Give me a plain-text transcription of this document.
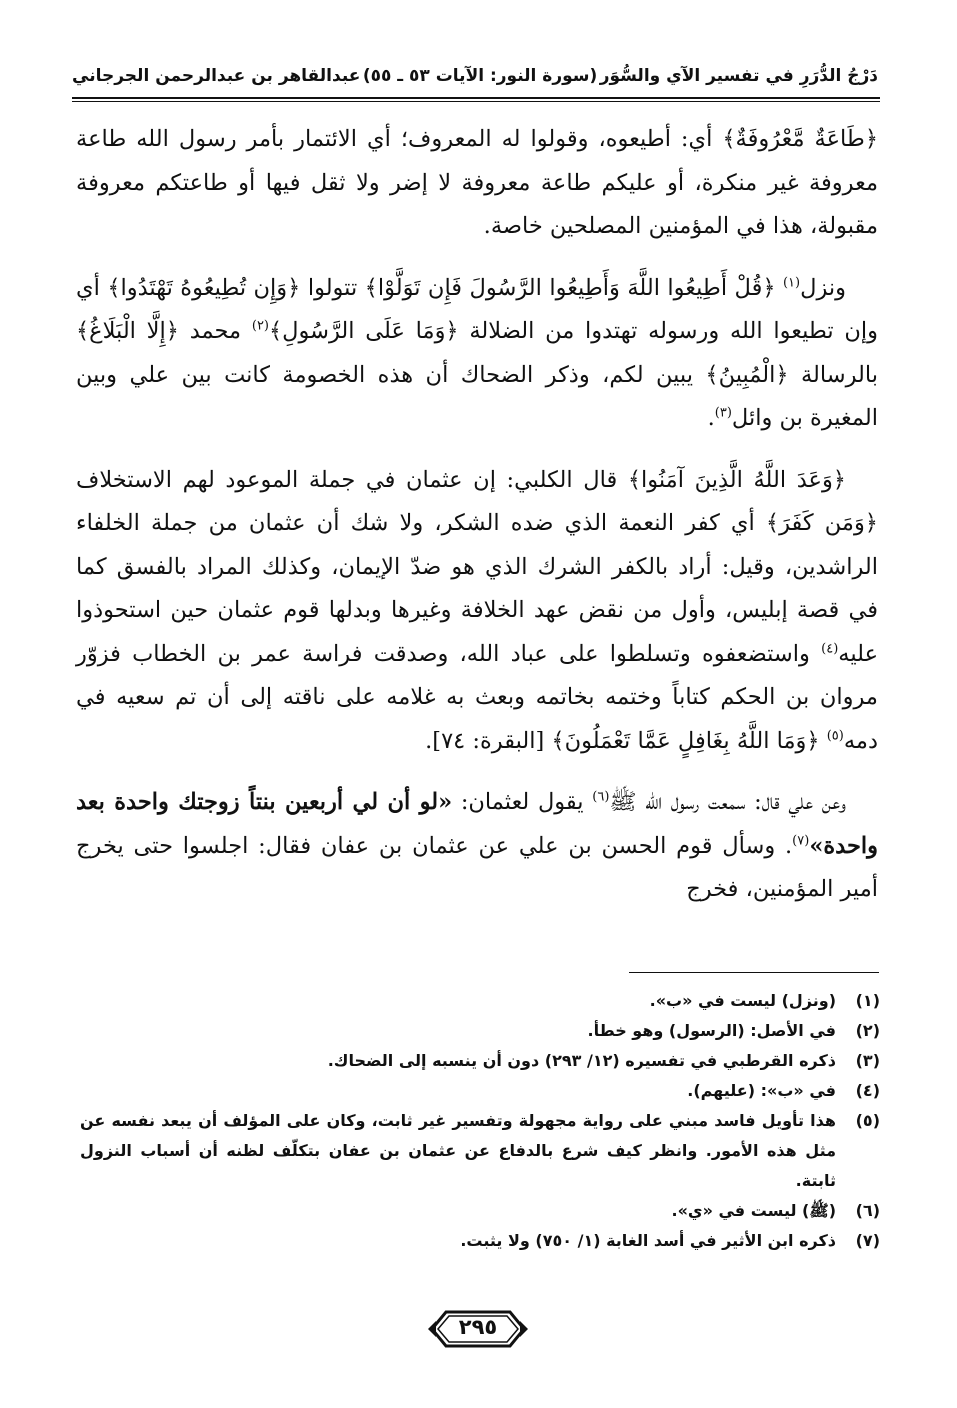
دَرْجُ الدُّرَرِ في تفسير الآي والسُّوَر
(سورة النور: الآيات ٥٣ ـ ٥٥)
عبدالقاهر بن عبدالرحمن الجرجاني

﴿طَاعَةٌ مَّعْرُوفَةٌ﴾ أي: أطيعوه، وقولوا له المعروف؛ أي الائتمار بأمر رسول الله طاعة معروفة غير منكرة، أو عليكم طاعة معروفة لا إضر ولا ثقل فيها أو طاعتكم معروفة مقبولة، هذا في المؤمنين المصلحين خاصة.

ونزل$^{(١)}$ ﴿قُلْ أَطِيعُوا اللَّهَ وَأَطِيعُوا الرَّسُولَ فَإِن تَوَلَّوْا﴾ تتولوا ﴿وَإِن تُطِيعُوهُ تَهْتَدُوا﴾ أي وإن تطيعوا الله ورسوله تهتدوا من الضلالة ﴿وَمَا عَلَى الرَّسُولِ﴾$^{(٢)}$ محمد ﴿إِلَّا الْبَلَاغُ﴾ بالرسالة ﴿الْمُبِينُ﴾ يبين لكم، وذكر الضحاك أن هذه الخصومة كانت بين علي وبين المغيرة بن وائل$^{(٣)}$.

﴿وَعَدَ اللَّهُ الَّذِينَ آمَنُوا﴾ قال الكلبي: إن عثمان في جملة الموعود لهم الاستخلاف ﴿وَمَن كَفَرَ﴾ أي كفر النعمة الذي ضده الشكر، ولا شك أن عثمان من جملة الخلفاء الراشدين، وقيل: أراد بالكفر الشرك الذي هو ضدّ الإيمان، وكذلك المراد بالفسق كما في قصة إبليس، وأول من نقض عهد الخلافة وغيرها وبدلها قوم عثمان حين استحوذوا عليه$^{(٤)}$ واستضعفوه وتسلطوا على عباد الله، وصدقت فراسة عمر بن الخطاب فزوّر مروان بن الحكم كتاباً وختمه بخاتمه وبعث به غلامه على ناقته إلى أن تم سعيه في دمه$^{(٥)}$ ﴿وَمَا اللَّهُ بِغَافِلٍ عَمَّا تَعْمَلُونَ﴾ [البقرة: ٧٤].

وعن علي قال: سمعت رسول الله ﷺ$^{(٦)}$ يقول لعثمان: «لو أن لي أربعين بنتاً زوجتك واحدة بعد واحدة»$^{(٧)}$. وسأل قوم الحسن بن علي عن عثمان بن عفان فقال: اجلسوا حتى يخرج أمير المؤمنين، فخرج

(١)
(ونزل) ليست في «ب».
(٢)
في الأصل: (الرسول) وهو خطأ.
(٣)
ذكره القرطبي في تفسيره (١٢/ ٢٩٣) دون أن ينسبه إلى الضحاك.
(٤)
في «ب»: (عليهم).
(٥)
هذا تأويل فاسد مبني على رواية مجهولة وتفسير غير ثابت، وكان على المؤلف أن يبعد نفسه عن مثل هذه الأمور. وانظر كيف شرع بالدفاع عن عثمان بن عفان بتكلّف لظنه أن أسباب النزول ثابتة.
(٦)
(ﷺ) ليست في «ي».
(٧)
ذكره ابن الأثير في أسد الغابة (١/ ٧٥٠) ولا يثبت.
٢٩٥
